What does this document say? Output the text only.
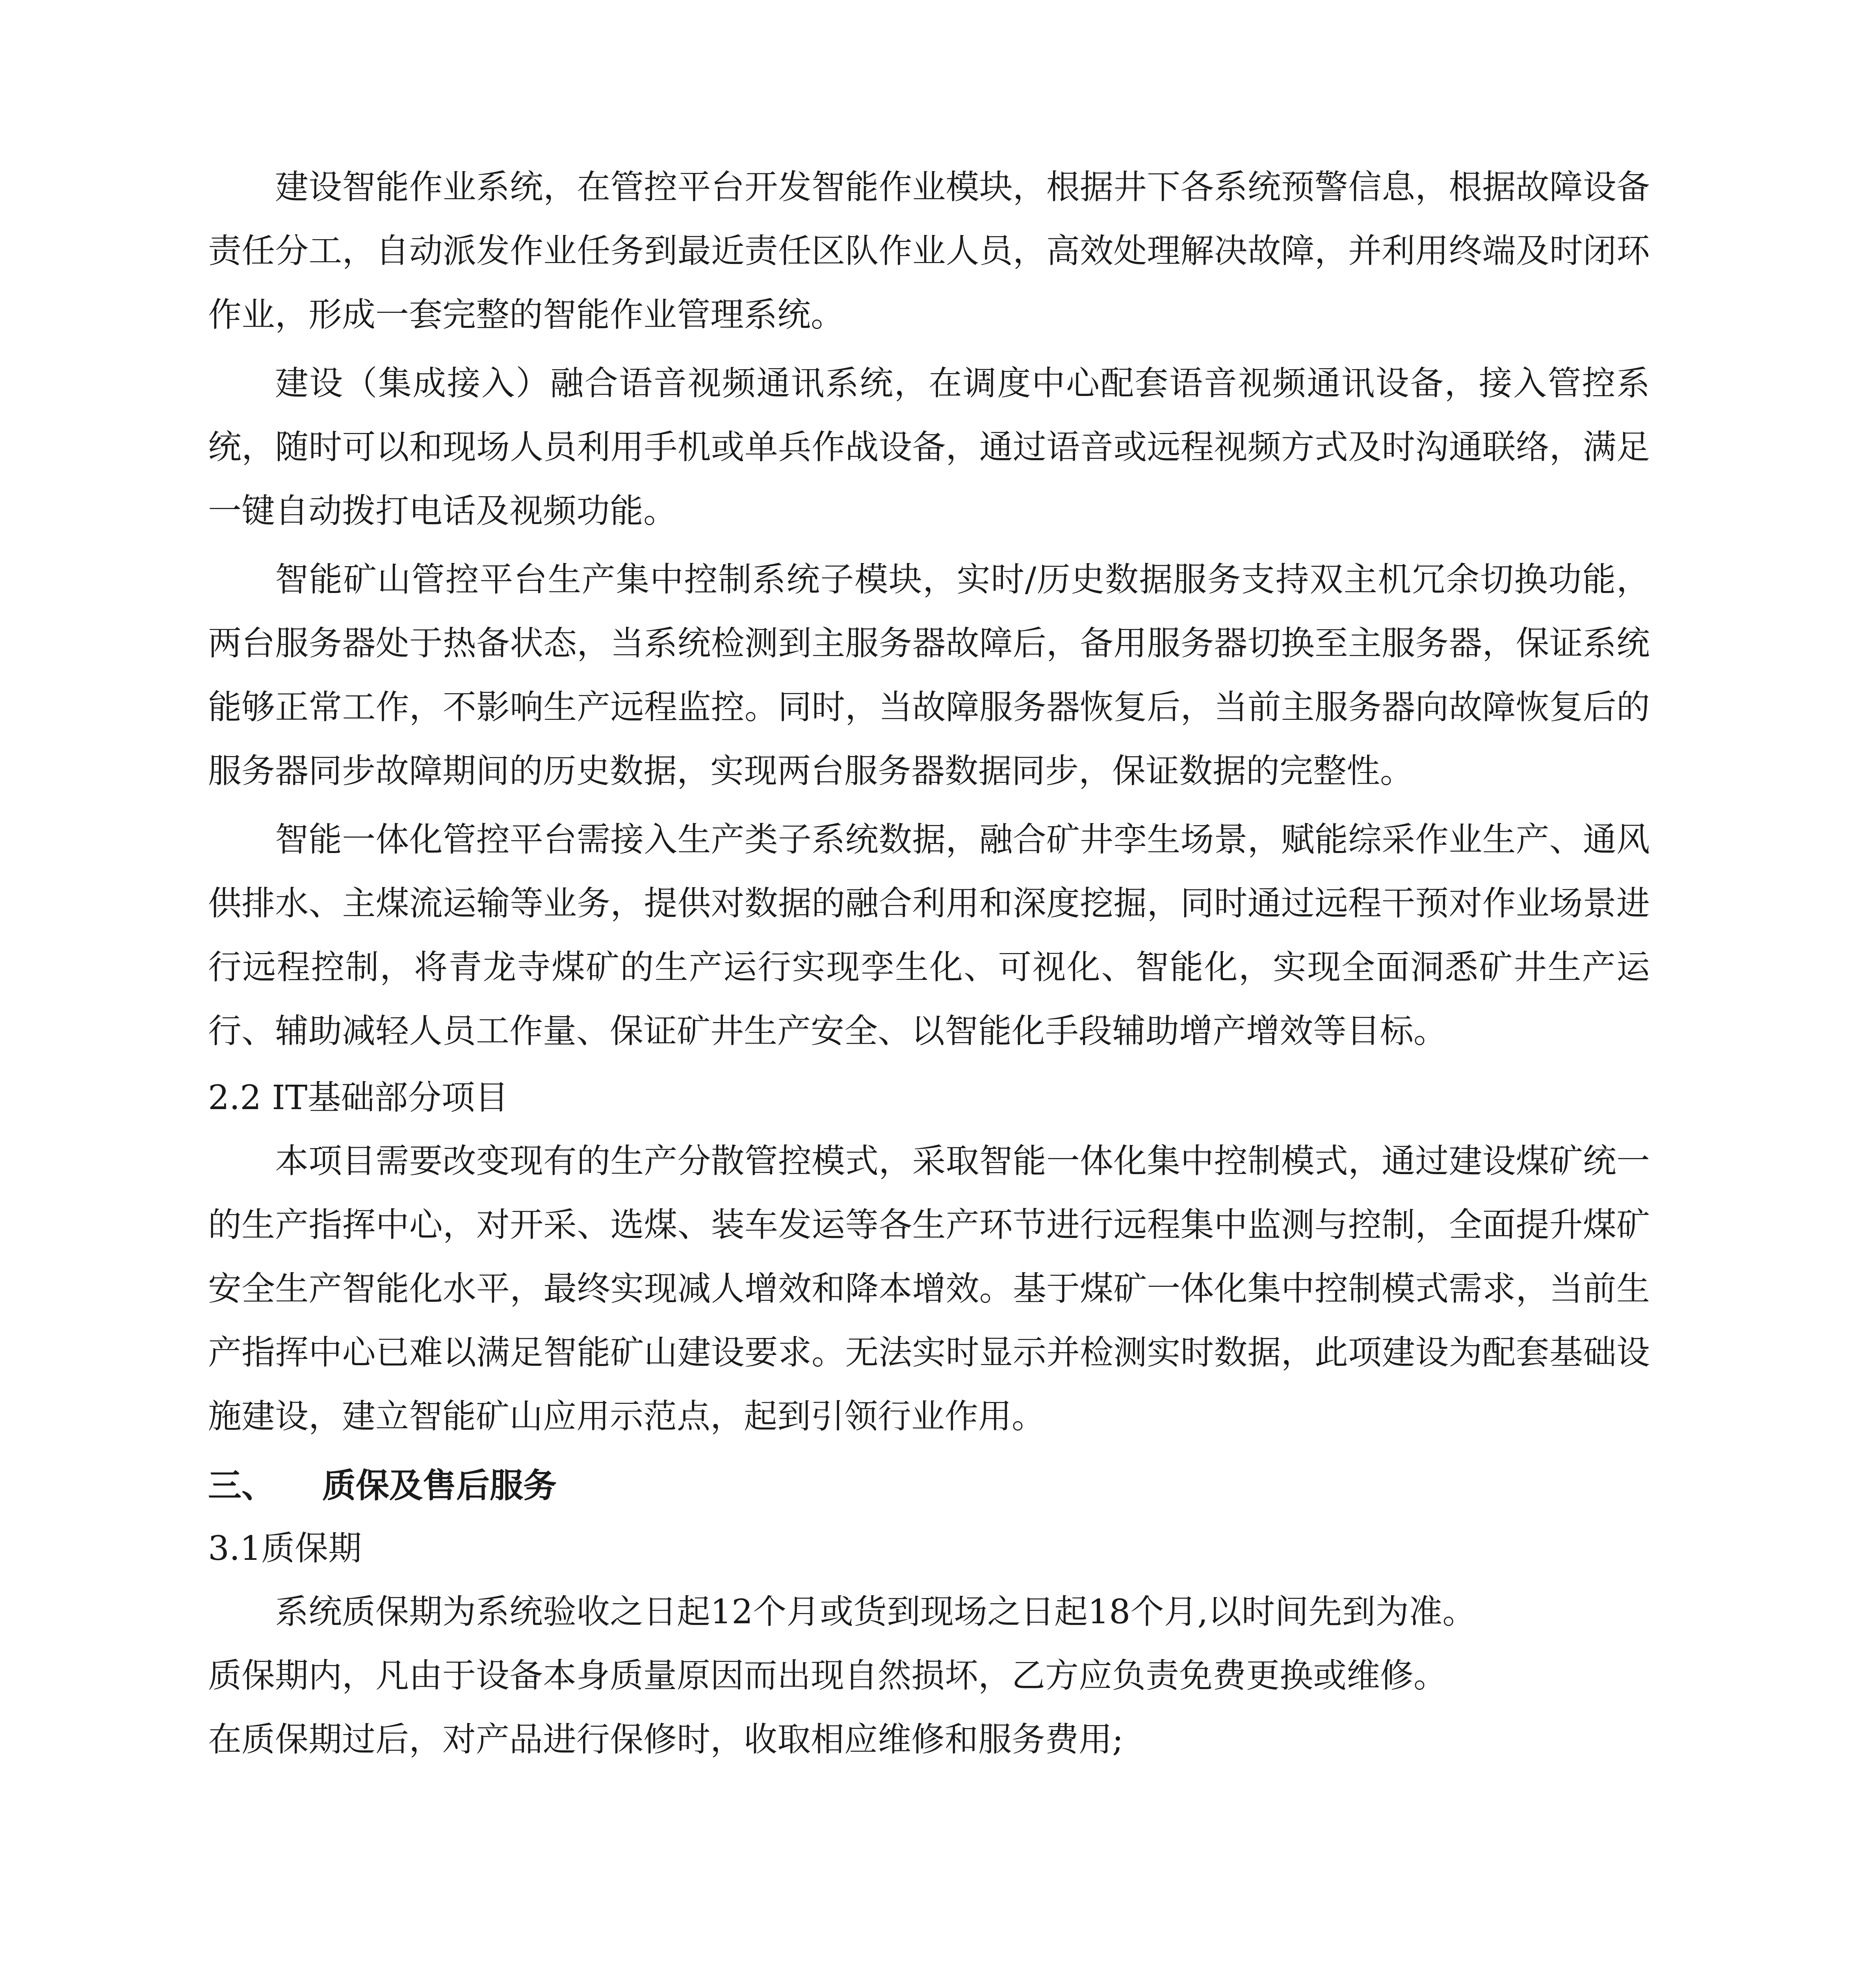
建设智能作业系统，在管控平台开发智能作业模块，根据井下各系统预警信息，根据故障设备责任分工，自动派发作业任务到最近责任区队作业人员，高效处理解决故障，并利用终端及时闭环作业，形成一套完整的智能作业管理系统。

建设（集成接入）融合语音视频通讯系统，在调度中心配套语音视频通讯设备，接入管控系统，随时可以和现场人员利用手机或单兵作战设备，通过语音或远程视频方式及时沟通联络，满足一键自动拨打电话及视频功能。

智能矿山管控平台生产集中控制系统子模块，实时/历史数据服务支持双主机冗余切换功能，两台服务器处于热备状态，当系统检测到主服务器故障后，备用服务器切换至主服务器，保证系统能够正常工作，不影响生产远程监控。同时，当故障服务器恢复后，当前主服务器向故障恢复后的服务器同步故障期间的历史数据，实现两台服务器数据同步，保证数据的完整性。

智能一体化管控平台需接入生产类子系统数据，融合矿井孪生场景，赋能综采作业生产、通风供排水、主煤流运输等业务，提供对数据的融合利用和深度挖掘，同时通过远程干预对作业场景进行远程控制，将青龙寺煤矿的生产运行实现孪生化、可视化、智能化，实现全面洞悉矿井生产运行、辅助减轻人员工作量、保证矿井生产安全、以智能化手段辅助增产增效等目标。

2.2 IT基础部分项目

本项目需要改变现有的生产分散管控模式，采取智能一体化集中控制模式，通过建设煤矿统一的生产指挥中心，对开采、选煤、装车发运等各生产环节进行远程集中监测与控制，全面提升煤矿安全生产智能化水平，最终实现减人增效和降本增效。基于煤矿一体化集中控制模式需求，当前生产指挥中心已难以满足智能矿山建设要求。无法实时显示并检测实时数据，此项建设为配套基础设施建设，建立智能矿山应用示范点，起到引领行业作用。

三、 质保及售后服务

3.1质保期

系统质保期为系统验收之日起12个月或货到现场之日起18个月,以时间先到为准。

质保期内，凡由于设备本身质量原因而出现自然损坏，乙方应负责免费更换或维修。

在质保期过后，对产品进行保修时，收取相应维修和服务费用;
